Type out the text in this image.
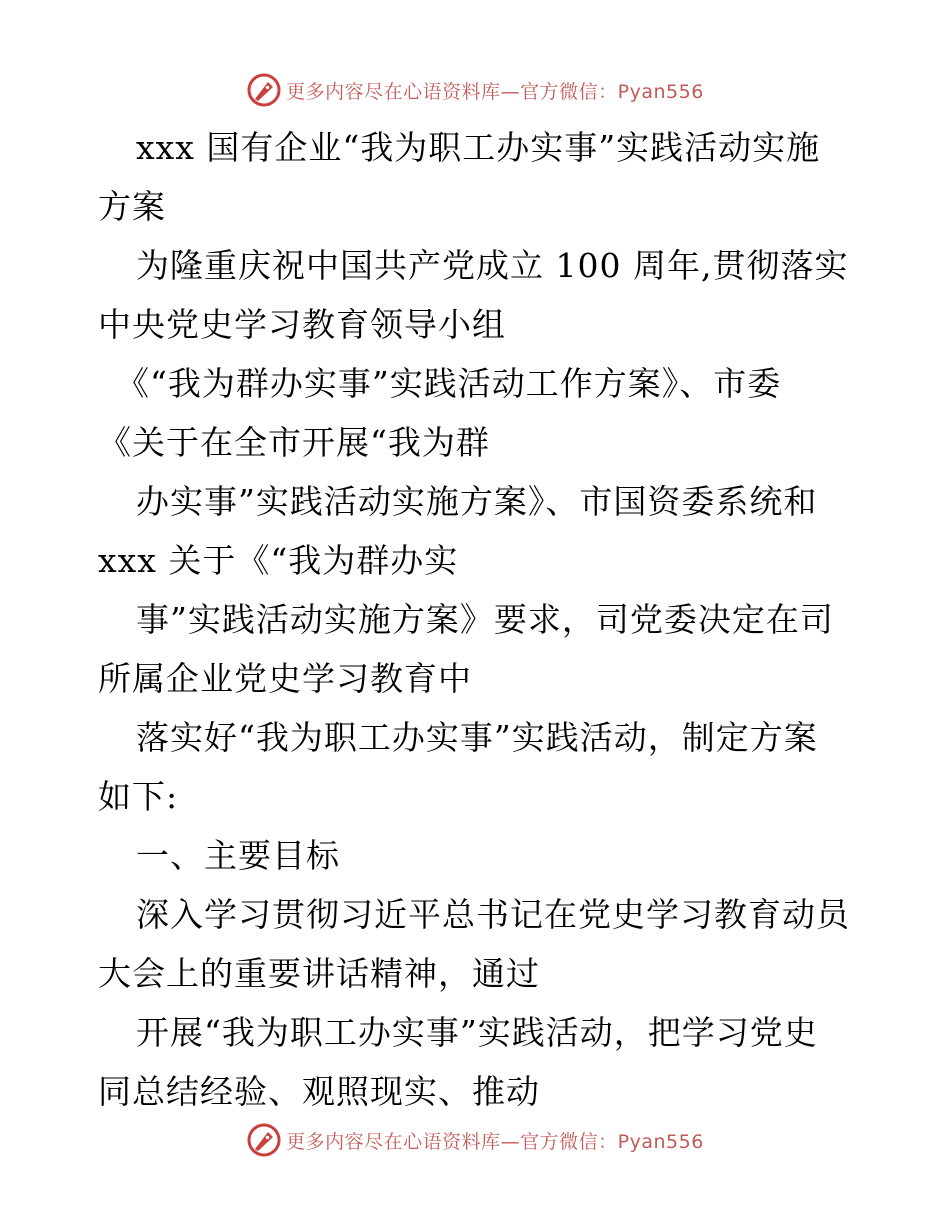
更多内容尽在心语资料库—官方微信：Pyan556
xxx 国有企业“我为职工办实事”实践活动实施
方案
为隆重庆祝中国共产党成立 100 周年,贯彻落实
中央党史学习教育领导小组
《“我为群办实事”实践活动工作方案》、市委
《关于在全市开展“我为群
办实事”实践活动实施方案》、市国资委系统和
xxx 关于《“我为群办实
事”实践活动实施方案》要求，司党委决定在司
所属企业党史学习教育中
落实好“我为职工办实事”实践活动，制定方案
如下:
一、主要目标
深入学习贯彻习近平总书记在党史学习教育动员
大会上的重要讲话精神，通过
开展“我为职工办实事”实践活动，把学习党史
同总结经验、观照现实、推动
更多内容尽在心语资料库—官方微信：Pyan556
